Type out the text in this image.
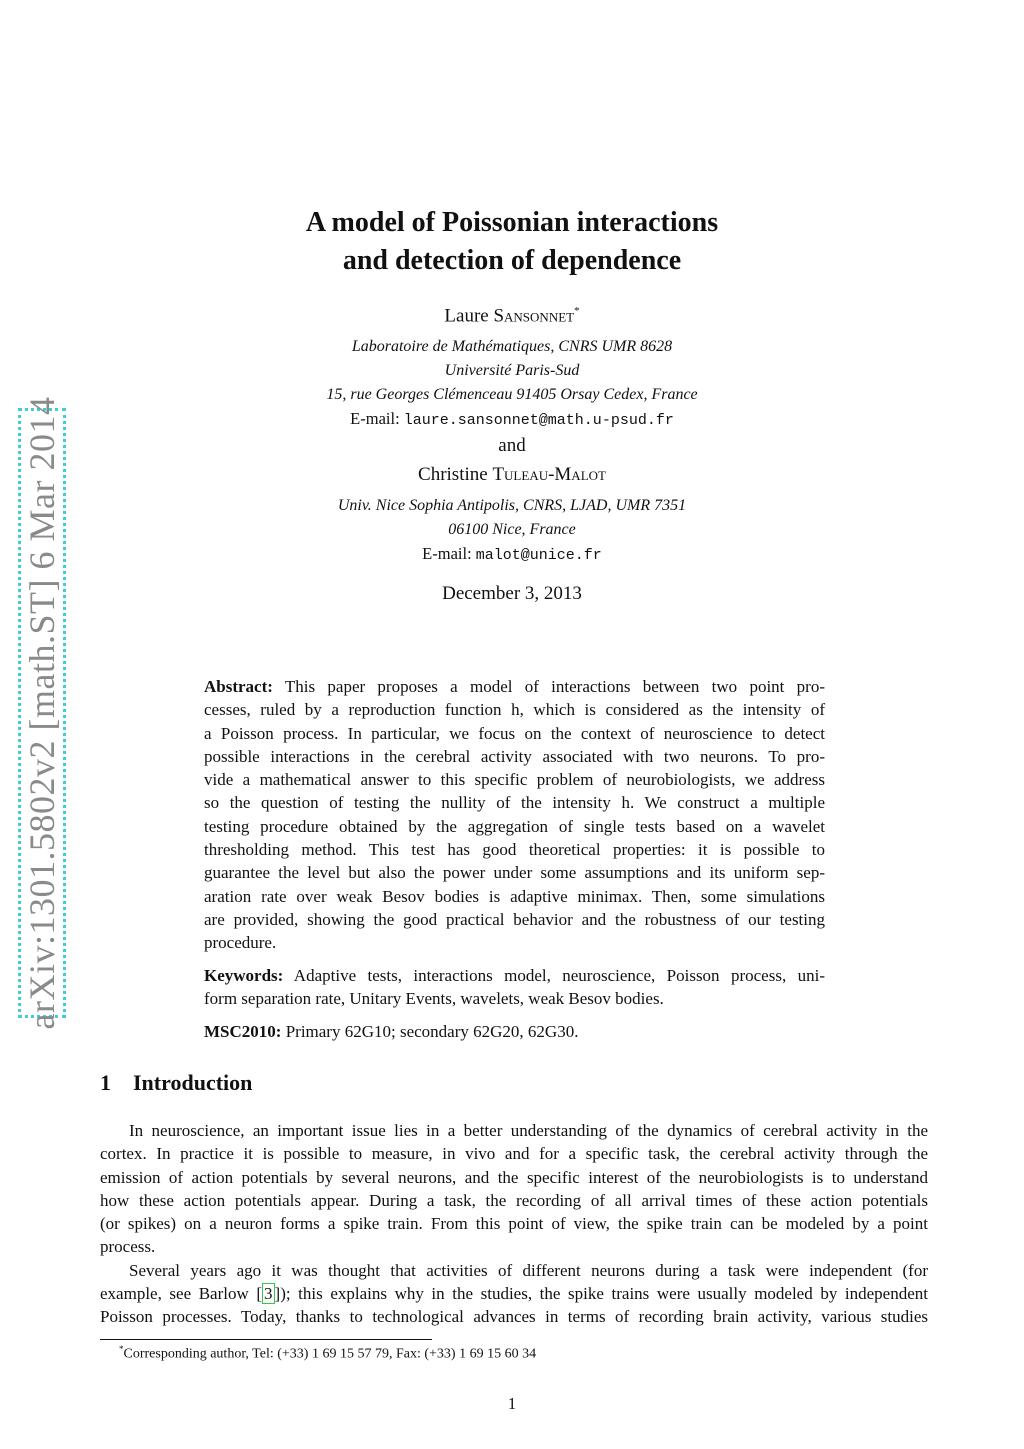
arXiv:1301.5802v2 [math.ST] 6 Mar 2014
A model of Poissonian interactions
and detection of dependence
Laure Sansonnet*
Laboratoire de Mathématiques, CNRS UMR 8628
Université Paris-Sud
15, rue Georges Clémenceau 91405 Orsay Cedex, France
E-mail: laure.sansonnet@math.u-psud.fr
and
Christine Tuleau-Malot
Univ. Nice Sophia Antipolis, CNRS, LJAD, UMR 7351
06100 Nice, France
E-mail: malot@unice.fr
December 3, 2013
Abstract: This paper proposes a model of interactions between two point pro-
cesses, ruled by a reproduction function h, which is considered as the intensity of
a Poisson process. In particular, we focus on the context of neuroscience to detect
possible interactions in the cerebral activity associated with two neurons. To pro-
vide a mathematical answer to this specific problem of neurobiologists, we address
so the question of testing the nullity of the intensity h. We construct a multiple
testing procedure obtained by the aggregation of single tests based on a wavelet
thresholding method. This test has good theoretical properties: it is possible to
guarantee the level but also the power under some assumptions and its uniform sep-
aration rate over weak Besov bodies is adaptive minimax. Then, some simulations
are provided, showing the good practical behavior and the robustness of our testing
procedure.
Keywords: Adaptive tests, interactions model, neuroscience, Poisson process, uni-
form separation rate, Unitary Events, wavelets, weak Besov bodies.
MSC2010: Primary 62G10; secondary 62G20, 62G30.
1 Introduction
In neuroscience, an important issue lies in a better understanding of the dynamics of cerebral activity in the
cortex. In practice it is possible to measure, in vivo and for a specific task, the cerebral activity through the
emission of action potentials by several neurons, and the specific interest of the neurobiologists is to understand
how these action potentials appear. During a task, the recording of all arrival times of these action potentials
(or spikes) on a neuron forms a spike train. From this point of view, the spike train can be modeled by a point
process.
Several years ago it was thought that activities of different neurons during a task were independent (for
example, see Barlow [ 3 ]); this explains why in the studies, the spike trains were usually modeled by independent
Poisson processes. Today, thanks to technological advances in terms of recording brain activity, various studies
*Corresponding author, Tel: (+33) 1 69 15 57 79, Fax: (+33) 1 69 15 60 34
1
